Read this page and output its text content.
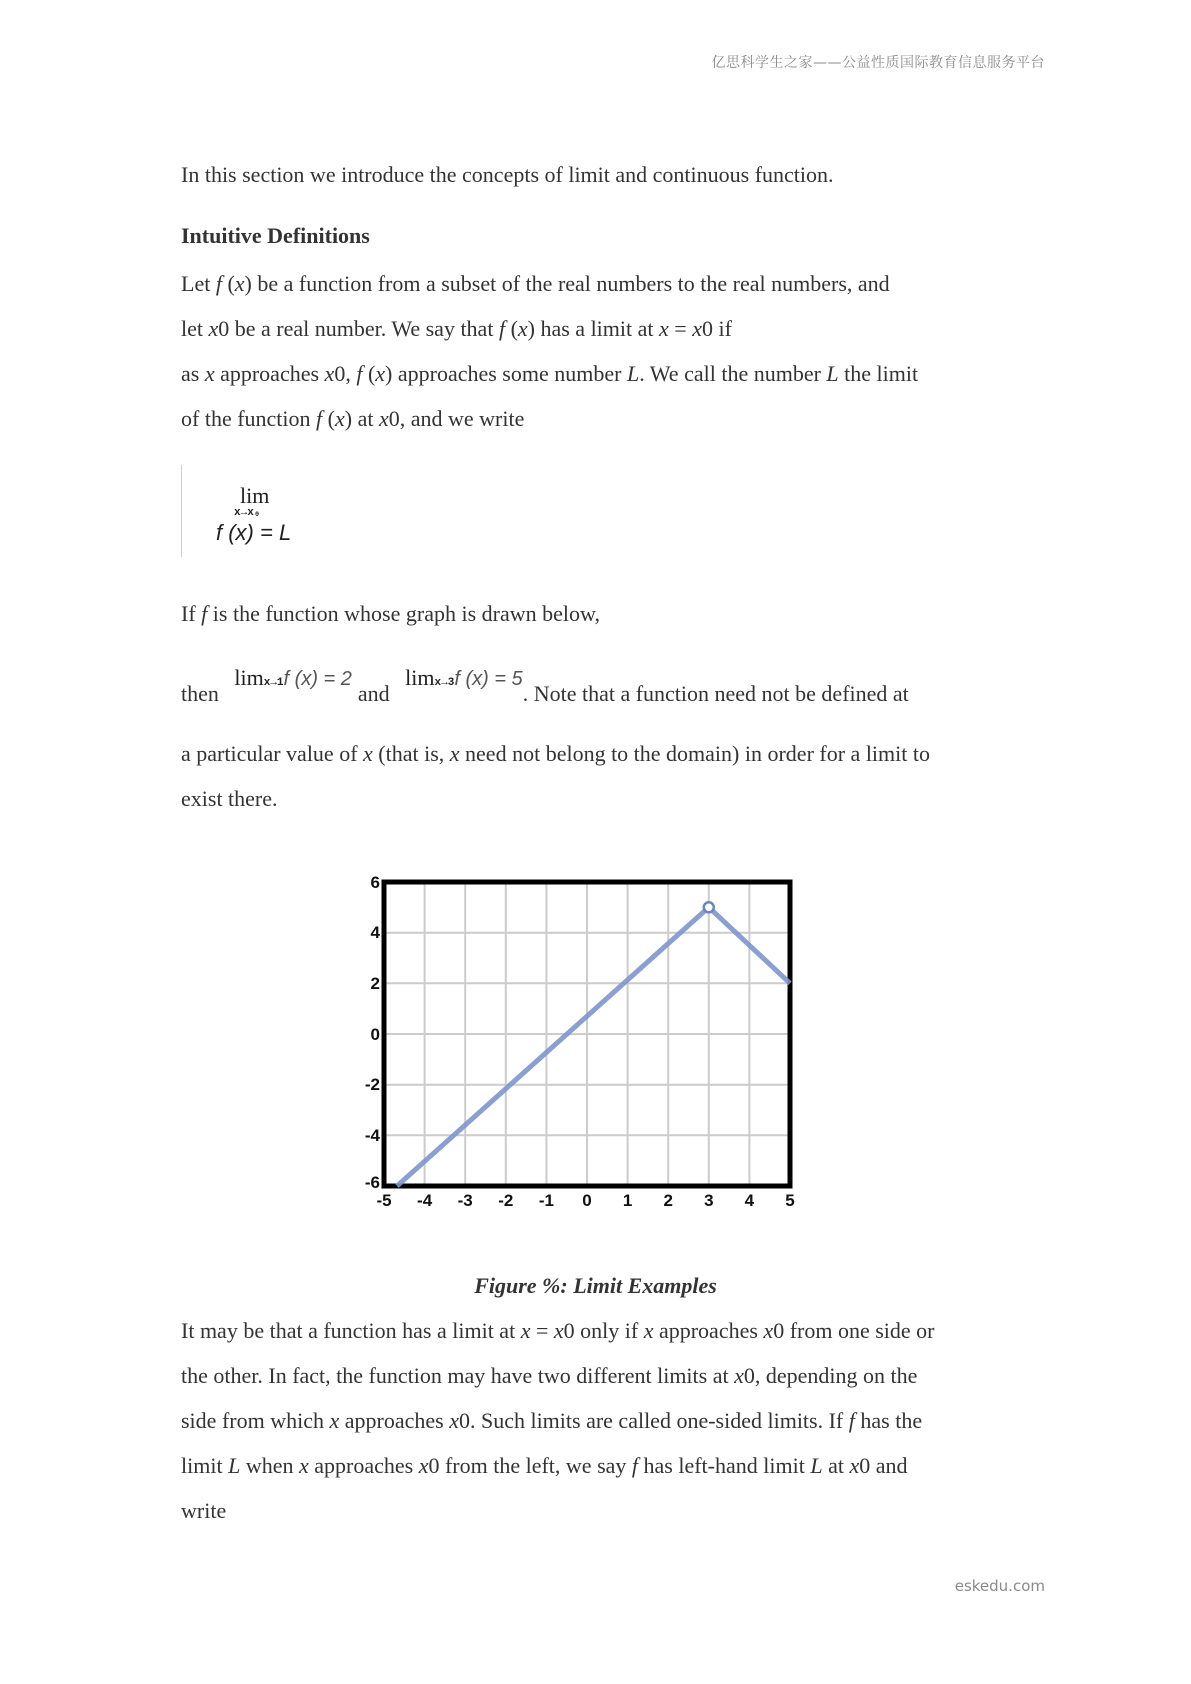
亿思科学生之家——公益性质国际教育信息服务平台
In this section we introduce the concepts of limit and continuous function.
Intuitive Definitions
Let f (x) be a function from a subset of the real numbers to the real numbers, and
let x0 be a real number. We say that f (x) has a limit at x = x0 if
as x approaches x0, f (x) approaches some number L. We call the number L the limit
of the function f (x) at x0, and we write
lim
x→x₀
f (x) = L
If f is the function whose graph is drawn below,
then limx→1f (x) = 2and limx→3f (x) = 5. Note that a function need not be defined at
a particular value of x (that is, x need not belong to the domain) in order for a limit to
exist there.
6
4
2
0
-2
-4
-6
-5 -4 -3 -2 -1 0 1 2 3 4 5
Figure %: Limit Examples
It may be that a function has a limit at x = x0 only if x approaches x0 from one side or
the other. In fact, the function may have two different limits at x0, depending on the
side from which x approaches x0. Such limits are called one-sided limits. If f has the
limit L when x approaches x0 from the left, we say f has left-hand limit L at x0 and
write
eskedu.com
